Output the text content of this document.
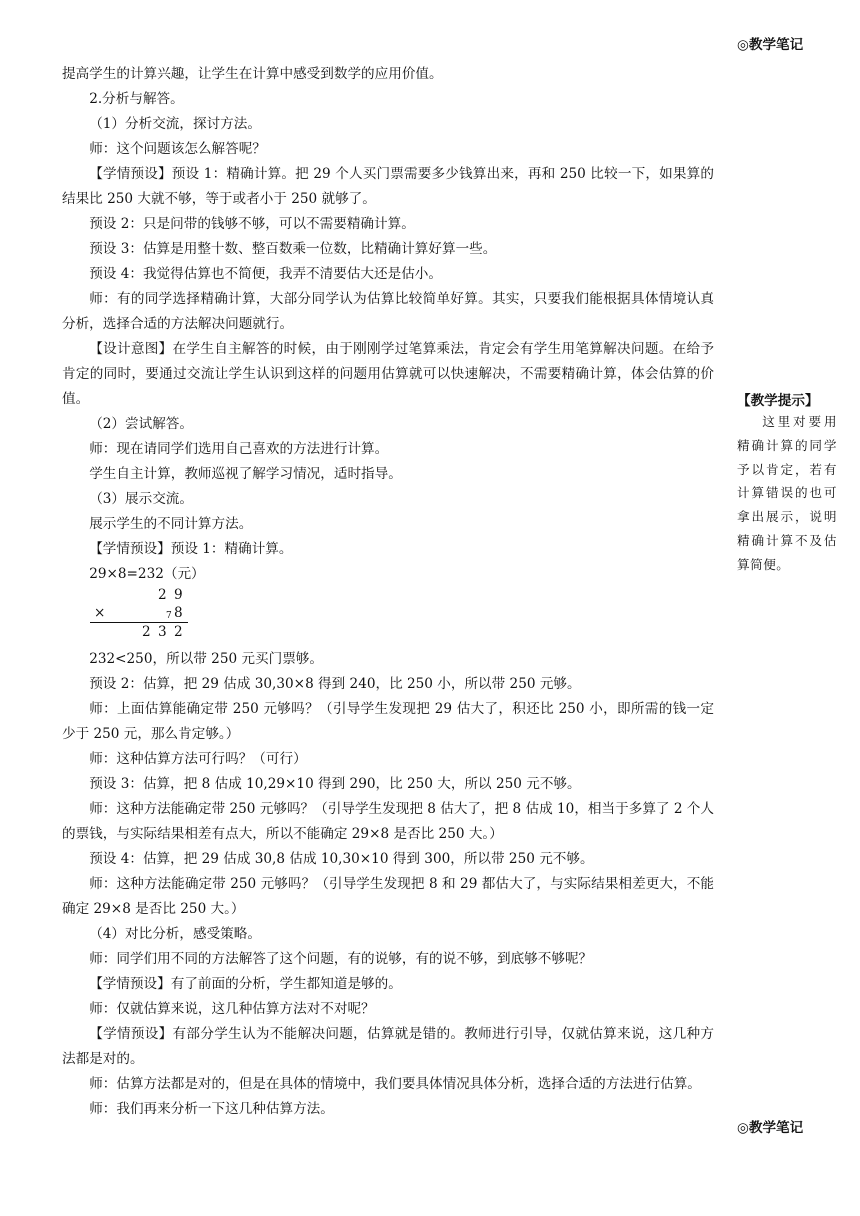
◎教学笔记
◎教学笔记
【教学提示】

这里对要用精确计算的同学予以肯定，若有计算错误的也可拿出展示，说明精确计算不及估算简便。

提高学生的计算兴趣，让学生在计算中感受到数学的应用价值。

2.分析与解答。

（1）分析交流，探讨方法。

师：这个问题该怎么解答呢？

【学情预设】预设 1：精确计算。把 29 个人买门票需要多少钱算出来，再和 250 比较一下，如果算的结果比 250 大就不够，等于或者小于 250 就够了。

预设 2：只是问带的钱够不够，可以不需要精确计算。

预设 3：估算是用整十数、整百数乘一位数，比精确计算好算一些。

预设 4：我觉得估算也不简便，我弄不清要估大还是估小。

师：有的同学选择精确计算，大部分同学认为估算比较简单好算。其实，只要我们能根据具体情境认真分析，选择合适的方法解决问题就行。

【设计意图】在学生自主解答的时候，由于刚刚学过笔算乘法，肯定会有学生用笔算解决问题。在给予肯定的同时，要通过交流让学生认识到这样的问题用估算就可以快速解决，不需要精确计算，体会估算的价值。

（2）尝试解答。

师：现在请同学们选用自己喜欢的方法进行计算。

学生自主计算，教师巡视了解学习情况，适时指导。

（3）展示交流。

展示学生的不同计算方法。

【学情预设】预设 1：精确计算。

29×8=232（元）

2 9
×	7 8
2 3 2

232<250，所以带 250 元买门票够。

预设 2：估算，把 29 估成 30,30×8 得到 240，比 250 小，所以带 250 元够。

师：上面估算能确定带 250 元够吗？（引导学生发现把 29 估大了，积还比 250 小，即所需的钱一定少于 250 元，那么肯定够。）

师：这种估算方法可行吗？（可行）

预设 3：估算，把 8 估成 10,29×10 得到 290，比 250 大，所以 250 元不够。

师：这种方法能确定带 250 元够吗？（引导学生发现把 8 估大了，把 8 估成 10，相当于多算了 2 个人的票钱，与实际结果相差有点大，所以不能确定 29×8 是否比 250 大。）

预设 4：估算，把 29 估成 30,8 估成 10,30×10 得到 300，所以带 250 元不够。

师：这种方法能确定带 250 元够吗？（引导学生发现把 8 和 29 都估大了，与实际结果相差更大，不能确定 29×8 是否比 250 大。）

（4）对比分析，感受策略。

师：同学们用不同的方法解答了这个问题，有的说够，有的说不够，到底够不够呢？

【学情预设】有了前面的分析，学生都知道是够的。

师：仅就估算来说，这几种估算方法对不对呢？

【学情预设】有部分学生认为不能解决问题，估算就是错的。教师进行引导，仅就估算来说，这几种方法都是对的。

师：估算方法都是对的，但是在具体的情境中，我们要具体情况具体分析，选择合适的方法进行估算。

师：我们再来分析一下这几种估算方法。
